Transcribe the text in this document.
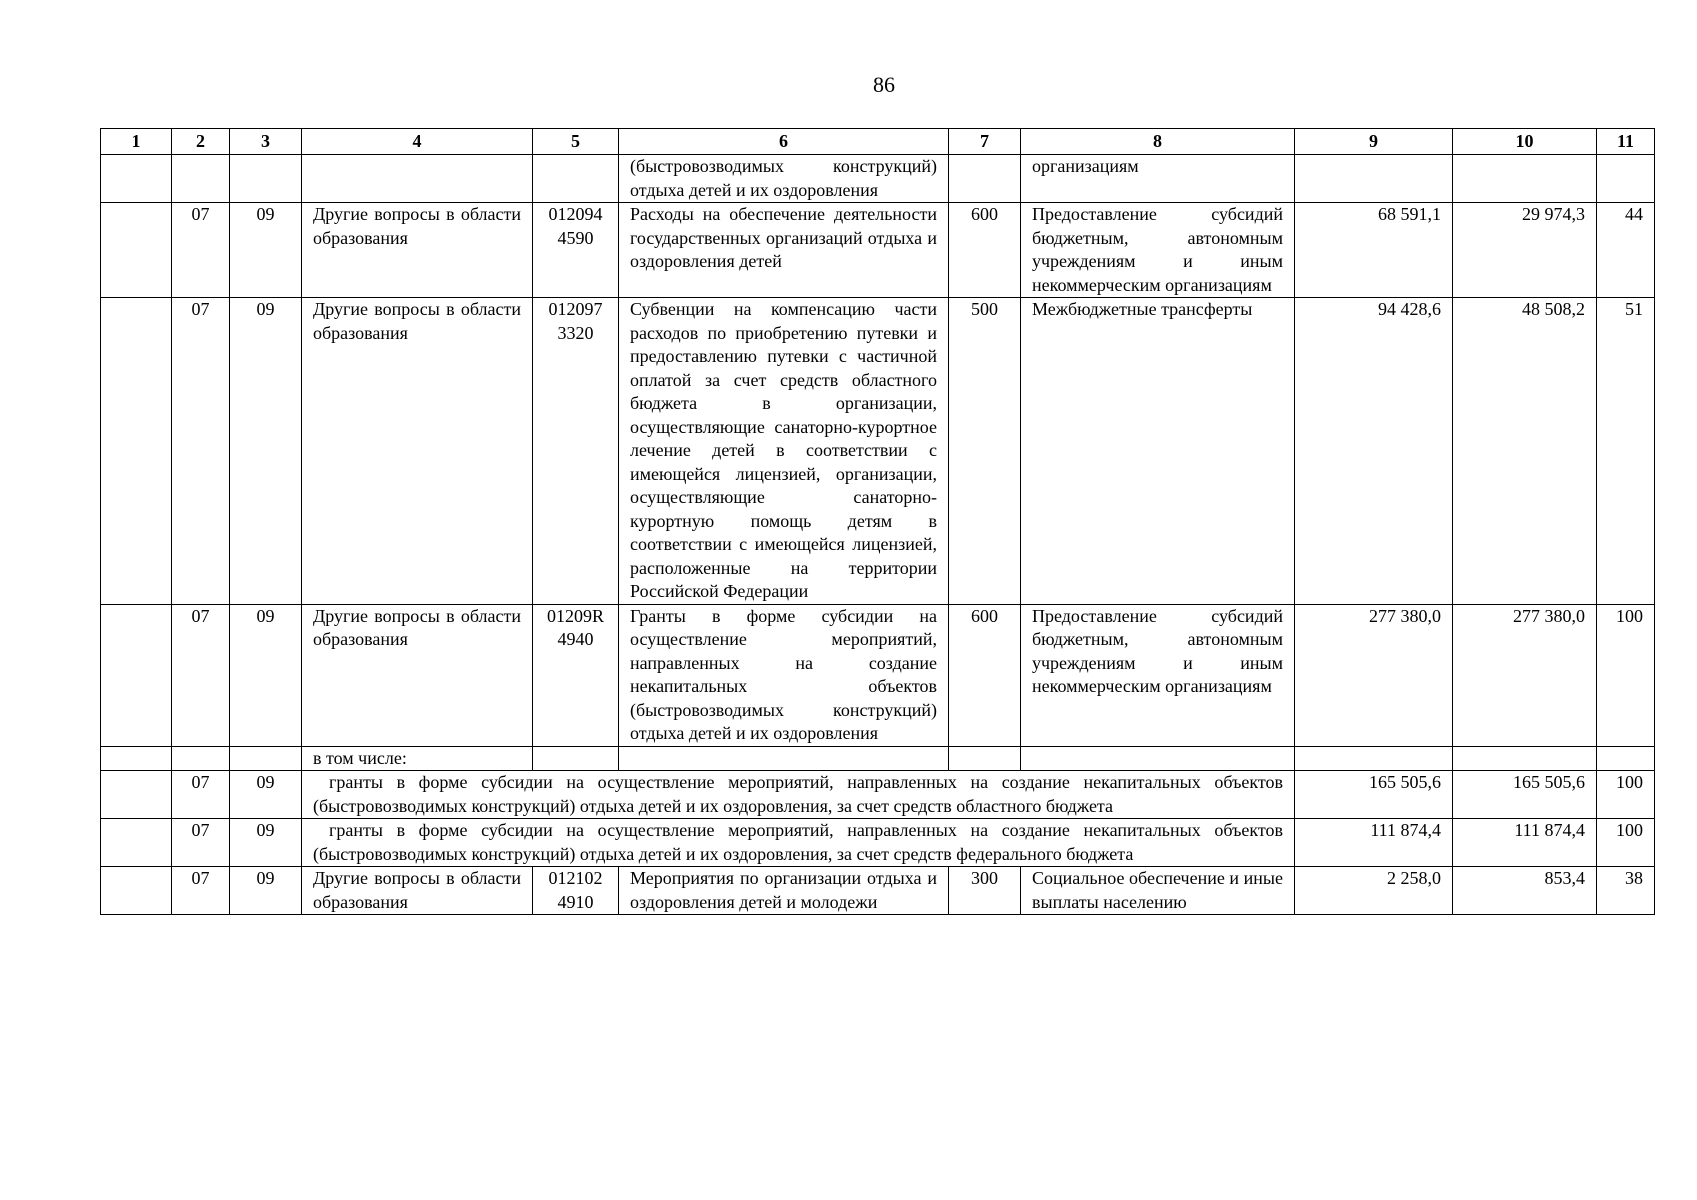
86
1	2	3	4	5	6	7	8	9	10	11
					(быстровозводимых конструкций) отдыха детей и их оздоровления		организациям			
	07	09	Другие вопросы в области образования	012094 4590	Расходы на обеспечение деятельности государственных организаций отдыха и оздоровления детей	600	Предоставление субсидий бюджетным, автономным учреждениям и иным некоммерческим организациям	68 591,1	29 974,3	44
	07	09	Другие вопросы в области образования	012097 3320	Субвенции на компенсацию части расходов по приобретению путевки и предоставлению путевки с частичной оплатой за счет средств областного бюджета в организации, осуществляющие санаторно-курортное лечение детей в соответствии с имеющейся лицензией, организации, осуществляющие санаторно-курортную помощь детям в соответствии с имеющейся лицензией, расположенные на территории Российской Федерации	500	Межбюджетные трансферты	94 428,6	48 508,2	51
	07	09	Другие вопросы в области образования	01209R 4940	Гранты в форме субсидии на осуществление мероприятий, направленных на создание некапитальных объектов (быстровозводимых конструкций) отдыха детей и их оздоровления	600	Предоставление субсидий бюджетным, автономным учреждениям и иным некоммерческим организациям	277 380,0	277 380,0	100
			в том числе:							
	07	09	гранты в форме субсидии на осуществление мероприятий, направленных на создание некапитальных объектов (быстровозводимых конструкций) отдыха детей и их оздоровления, за счет средств областного бюджета					165 505,6	165 505,6	100
	07	09	гранты в форме субсидии на осуществление мероприятий, направленных на создание некапитальных объектов (быстровозводимых конструкций) отдыха детей и их оздоровления, за счет средств федерального бюджета					111 874,4	111 874,4	100
	07	09	Другие вопросы в области образования	012102 4910	Мероприятия по организации отдыха и оздоровления детей и молодежи	300	Социальное обеспечение и иные выплаты населению	2 258,0	853,4	38
